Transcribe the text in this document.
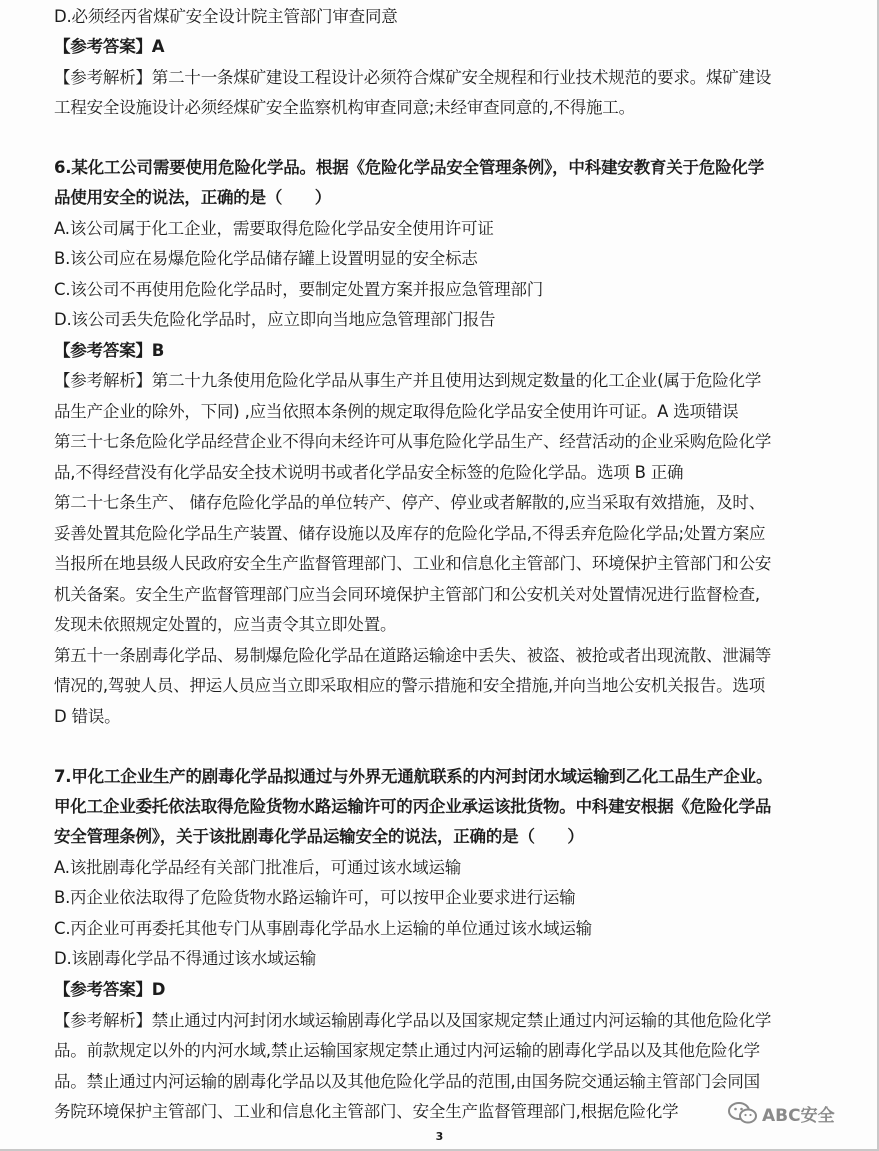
D.必须经丙省煤矿安全设计院主管部门审查同意
【参考答案】A
【参考解析】第二十一条煤矿建设工程设计必须符合煤矿安全规程和行业技术规范的要求。煤矿建设
工程安全设施设计必须经煤矿安全监察机构审查同意;未经审查同意的,不得施工。
6.某化工公司需要使用危险化学品。根据《危险化学品安全管理条例》，中科建安教育关于危险化学
品使用安全的说法，正确的是（　　）
A.该公司属于化工企业，需要取得危险化学品安全使用许可证
B.该公司应在易爆危险化学品储存罐上设置明显的安全标志
C.该公司不再使用危险化学品时，要制定处置方案并报应急管理部门
D.该公司丢失危险化学品时，应立即向当地应急管理部门报告
【参考答案】B
【参考解析】第二十九条使用危险化学品从事生产并且使用达到规定数量的化工企业(属于危险化学
品生产企业的除外，下同) ,应当依照本条例的规定取得危险化学品安全使用许可证。A 选项错误
第三十七条危险化学品经营企业不得向未经许可从事危险化学品生产、经营活动的企业采购危险化学
品,不得经营没有化学品安全技术说明书或者化学品安全标签的危险化学品。选项 B 正确
第二十七条生产、 储存危险化学品的单位转产、停产、停业或者解散的,应当采取有效措施，及时、
妥善处置其危险化学品生产装置、储存设施以及库存的危险化学品,不得丢弃危险化学品;处置方案应
当报所在地县级人民政府安全生产监督管理部门、工业和信息化主管部门、环境保护主管部门和公安
机关备案。安全生产监督管理部门应当会同环境保护主管部门和公安机关对处置情况进行监督检查,
发现未依照规定处置的，应当责令其立即处置。
第五十一条剧毒化学品、易制爆危险化学品在道路运输途中丢失、被盗、被抢或者出现流散、泄漏等
情况的,驾驶人员、押运人员应当立即采取相应的警示措施和安全措施,并向当地公安机关报告。选项
D 错误。
7.甲化工企业生产的剧毒化学品拟通过与外界无通航联系的内河封闭水域运输到乙化工品生产企业。
甲化工企业委托依法取得危险货物水路运输许可的丙企业承运该批货物。中科建安根据《危险化学品
安全管理条例》，关于该批剧毒化学品运输安全的说法，正确的是（　　）
A.该批剧毒化学品经有关部门批准后，可通过该水域运输
B.丙企业依法取得了危险货物水路运输许可，可以按甲企业要求进行运输
C.丙企业可再委托其他专门从事剧毒化学品水上运输的单位通过该水域运输
D.该剧毒化学品不得通过该水域运输
【参考答案】D
【参考解析】禁止通过内河封闭水域运输剧毒化学品以及国家规定禁止通过内河运输的其他危险化学
品。前款规定以外的内河水域,禁止运输国家规定禁止通过内河运输的剧毒化学品以及其他危险化学
品。禁止通过内河运输的剧毒化学品以及其他危险化学品的范围,由国务院交通运输主管部门会同国
务院环境保护主管部门、工业和信息化主管部门、安全生产监督管理部门,根据危险化学	ABC安全
3
